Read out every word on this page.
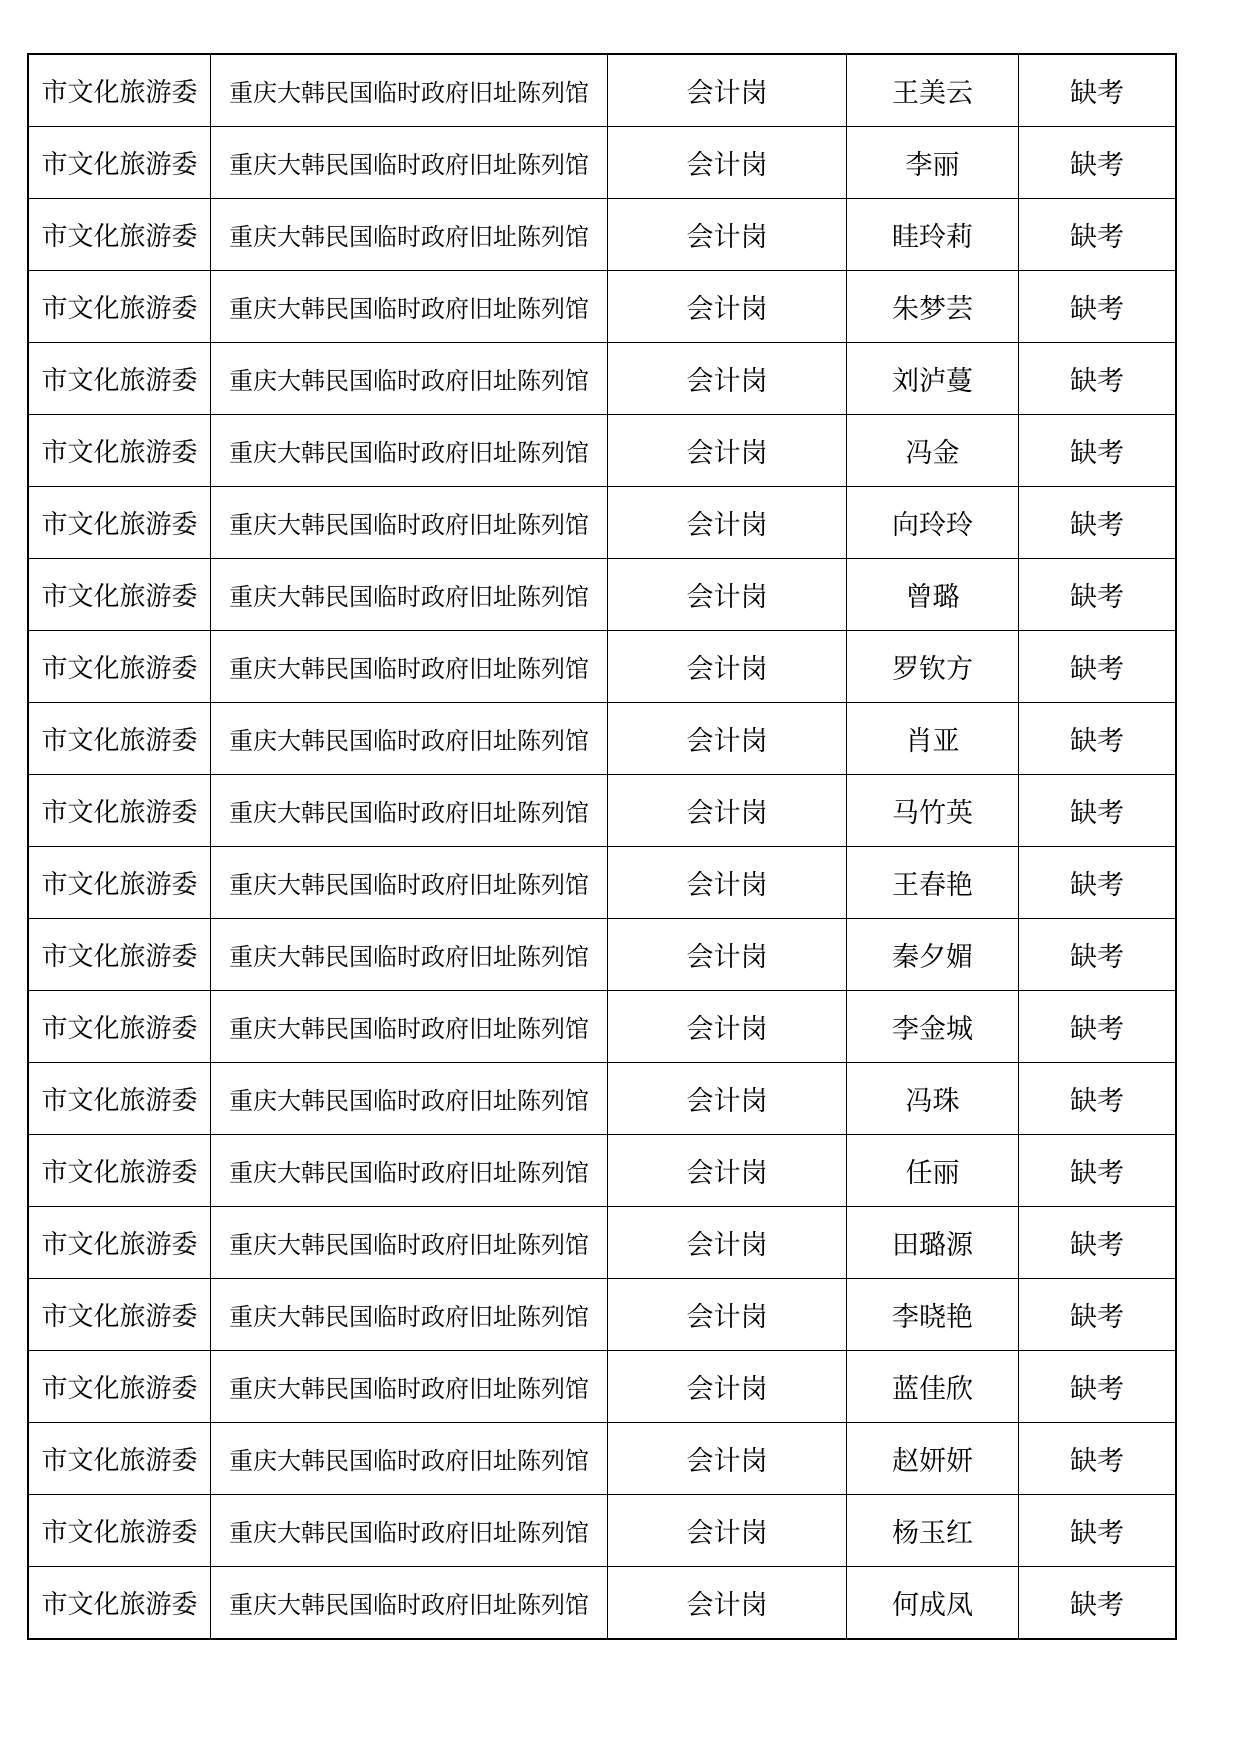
市文化旅游委	重庆大韩民国临时政府旧址陈列馆	会计岗	王美云	缺考
市文化旅游委	重庆大韩民国临时政府旧址陈列馆	会计岗	李丽	缺考
市文化旅游委	重庆大韩民国临时政府旧址陈列馆	会计岗	眭玲莉	缺考
市文化旅游委	重庆大韩民国临时政府旧址陈列馆	会计岗	朱梦芸	缺考
市文化旅游委	重庆大韩民国临时政府旧址陈列馆	会计岗	刘泸蔓	缺考
市文化旅游委	重庆大韩民国临时政府旧址陈列馆	会计岗	冯金	缺考
市文化旅游委	重庆大韩民国临时政府旧址陈列馆	会计岗	向玲玲	缺考
市文化旅游委	重庆大韩民国临时政府旧址陈列馆	会计岗	曾璐	缺考
市文化旅游委	重庆大韩民国临时政府旧址陈列馆	会计岗	罗钦方	缺考
市文化旅游委	重庆大韩民国临时政府旧址陈列馆	会计岗	肖亚	缺考
市文化旅游委	重庆大韩民国临时政府旧址陈列馆	会计岗	马竹英	缺考
市文化旅游委	重庆大韩民国临时政府旧址陈列馆	会计岗	王春艳	缺考
市文化旅游委	重庆大韩民国临时政府旧址陈列馆	会计岗	秦夕媚	缺考
市文化旅游委	重庆大韩民国临时政府旧址陈列馆	会计岗	李金城	缺考
市文化旅游委	重庆大韩民国临时政府旧址陈列馆	会计岗	冯珠	缺考
市文化旅游委	重庆大韩民国临时政府旧址陈列馆	会计岗	任丽	缺考
市文化旅游委	重庆大韩民国临时政府旧址陈列馆	会计岗	田璐源	缺考
市文化旅游委	重庆大韩民国临时政府旧址陈列馆	会计岗	李晓艳	缺考
市文化旅游委	重庆大韩民国临时政府旧址陈列馆	会计岗	蓝佳欣	缺考
市文化旅游委	重庆大韩民国临时政府旧址陈列馆	会计岗	赵妍妍	缺考
市文化旅游委	重庆大韩民国临时政府旧址陈列馆	会计岗	杨玉红	缺考
市文化旅游委	重庆大韩民国临时政府旧址陈列馆	会计岗	何成凤	缺考
